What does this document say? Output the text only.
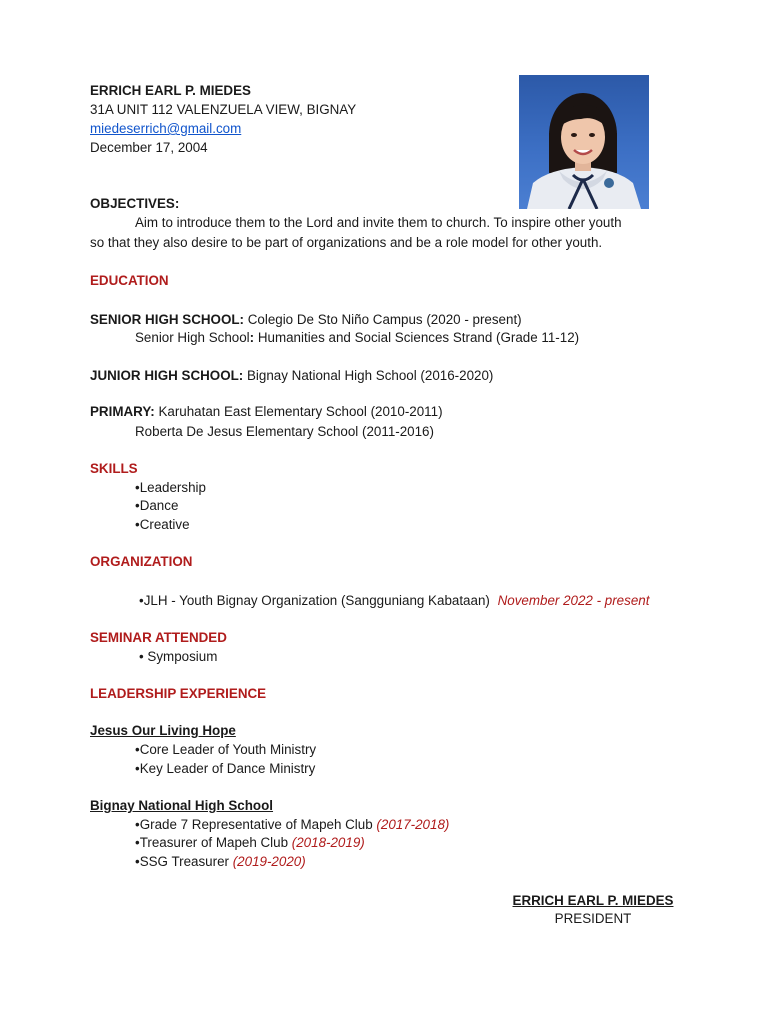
ERRICH EARL P. MIEDES
31A UNIT 112 VALENZUELA VIEW, BIGNAY
miedeserrich@gmail.com
December 17, 2004
OBJECTIVES:
Aim to introduce them to the Lord and invite them to church. To inspire other youth
so that they also desire to be part of organizations and be a role model for other youth.
EDUCATION
SENIOR HIGH SCHOOL: Colegio De Sto Niño Campus (2020 - present)
Senior High School: Humanities and Social Sciences Strand (Grade 11-12)
JUNIOR HIGH SCHOOL: Bignay National High School (2016-2020)
PRIMARY: Karuhatan East Elementary School (2010-2011)
Roberta De Jesus Elementary School (2011-2016)
SKILLS
•Leadership
•Dance
•Creative
ORGANIZATION
•JLH - Youth Bignay Organization (Sangguniang Kabataan) November 2022 - present
SEMINAR ATTENDED
• Symposium
LEADERSHIP EXPERIENCE
Jesus Our Living Hope
•Core Leader of Youth Ministry
•Key Leader of Dance Ministry
Bignay National High School
•Grade 7 Representative of Mapeh Club (2017-2018)
•Treasurer of Mapeh Club (2018-2019)
•SSG Treasurer (2019-2020)
ERRICH EARL P. MIEDES
PRESIDENT
